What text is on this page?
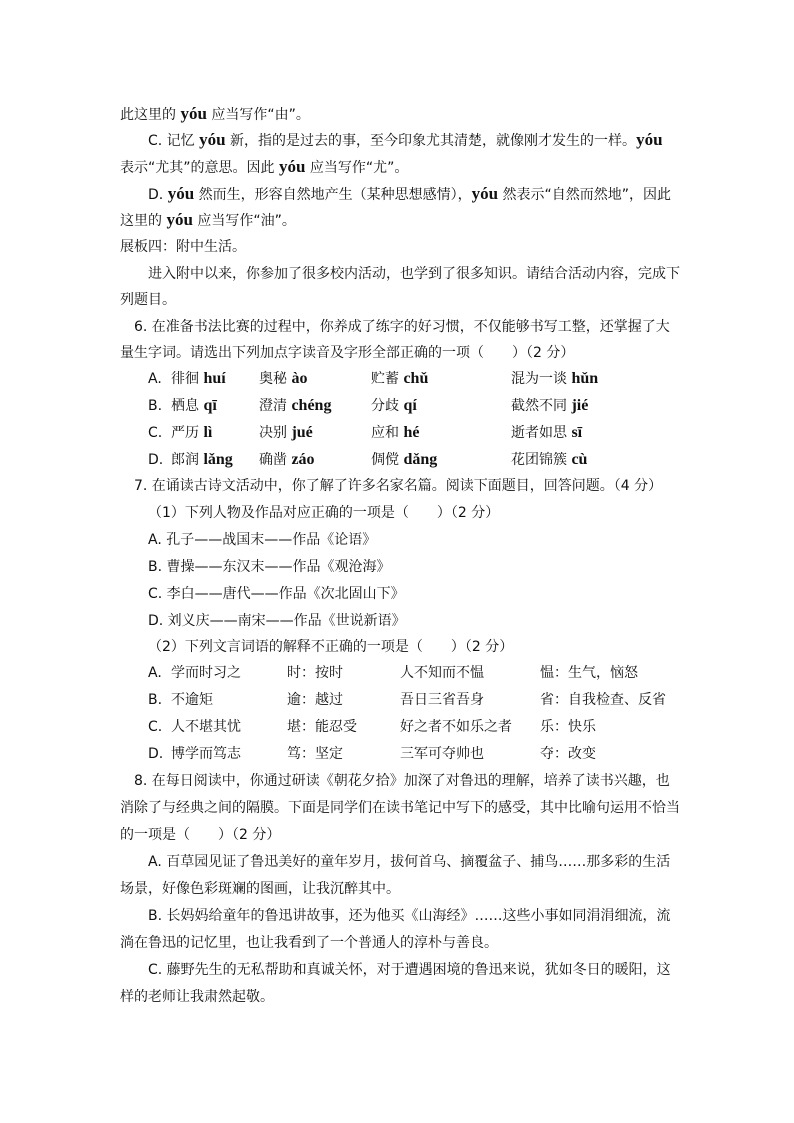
此这里的 yóu 应当写作“由”。
C. 记忆 yóu 新，指的是过去的事，至今印象尤其清楚，就像刚才发生的一样。yóu
表示“尤其”的意思。因此 yóu 应当写作“尤”。
D. yóu 然而生，形容自然地产生（某种思想感情），yóu 然表示“自然而然地”，因此
这里的 yóu 应当写作“油”。
展板四：附中生活。
进入附中以来，你参加了很多校内活动，也学到了很多知识。请结合活动内容，完成下
列题目。
6. 在准备书法比赛的过程中，你养成了练字的好习惯，不仅能够书写工整，还掌握了大
量生字词。请选出下列加点字读音及字形全部正确的一项（　　）（2 分）
A. 徘徊 huí 奥秘 ào	贮蓄 chǔ	混为一谈 hǔn
B. 栖息 qī	澄清 chéng	分歧 qí	截然不同 jié
C. 严历 lì	决别 jué	应和 hé	逝者如思 sī
D. 郎润 lǎng 确凿 záo	倜傥 dǎng	花团锦簇 cù
7. 在诵读古诗文活动中，你了解了许多名家名篇。阅读下面题目，回答问题。（4 分）
（1）下列人物及作品对应正确的一项是（　　）（2 分）
A. 孔子——战国末——作品《论语》
B. 曹操——东汉末——作品《观沧海》
C. 李白——唐代——作品《次北固山下》
D. 刘义庆——南宋——作品《世说新语》
（2）下列文言词语的解释不正确的一项是（　　）（2 分）
A. 学而时习之	时：按时	人不知而不愠	愠：生气，恼怒
B. 不逾矩	逾：越过	吾日三省吾身	省：自我检查、反省
C. 人不堪其忧	堪：能忍受	好之者不如乐之者 乐：快乐
D. 博学而笃志	笃：坚定	三军可夺帅也	夺：改变
8. 在每日阅读中，你通过研读《朝花夕拾》加深了对鲁迅的理解，培养了读书兴趣，也
消除了与经典之间的隔膜。下面是同学们在读书笔记中写下的感受，其中比喻句运用不恰当
的一项是（　　）（2 分）
A. 百草园见证了鲁迅美好的童年岁月，拔何首乌、摘覆盆子、捕鸟……那多彩的生活
场景，好像色彩斑斓的图画，让我沉醉其中。
B. 长妈妈给童年的鲁迅讲故事，还为他买《山海经》……这些小事如同涓涓细流，流
淌在鲁迅的记忆里，也让我看到了一个普通人的淳朴与善良。
C. 藤野先生的无私帮助和真诚关怀，对于遭遇困境的鲁迅来说，犹如冬日的暖阳，这
样的老师让我肃然起敬。
